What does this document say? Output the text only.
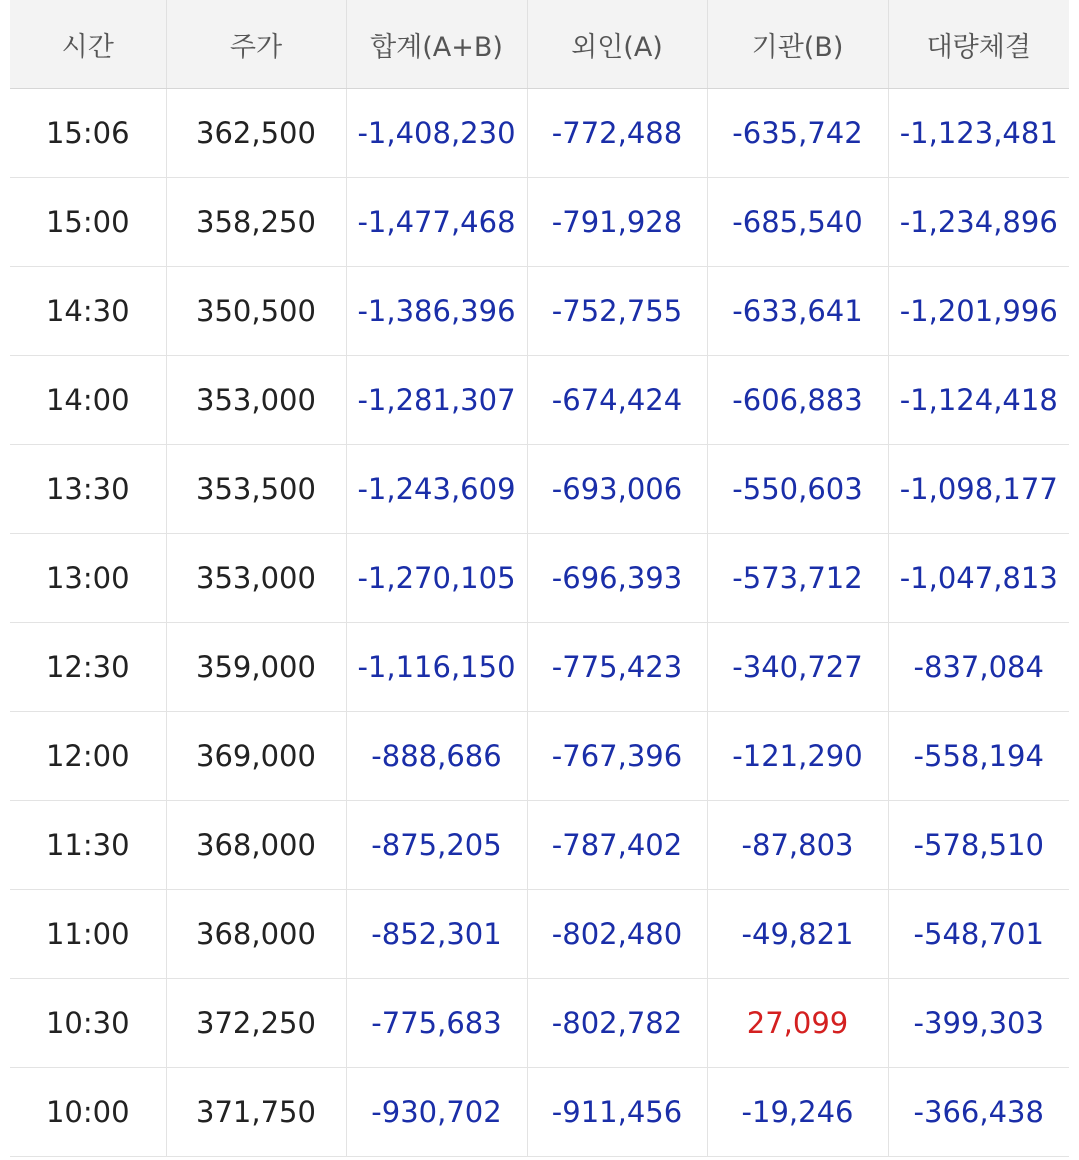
시간	주가	합계(A+B)	외인(A)	기관(B)	대량체결
15:06	362,500	-1,408,230	-772,488	-635,742	-1,123,481
15:00	358,250	-1,477,468	-791,928	-685,540	-1,234,896
14:30	350,500	-1,386,396	-752,755	-633,641	-1,201,996
14:00	353,000	-1,281,307	-674,424	-606,883	-1,124,418
13:30	353,500	-1,243,609	-693,006	-550,603	-1,098,177
13:00	353,000	-1,270,105	-696,393	-573,712	-1,047,813
12:30	359,000	-1,116,150	-775,423	-340,727	-837,084
12:00	369,000	-888,686	-767,396	-121,290	-558,194
11:30	368,000	-875,205	-787,402	-87,803	-578,510
11:00	368,000	-852,301	-802,480	-49,821	-548,701
10:30	372,250	-775,683	-802,782	27,099	-399,303
10:00	371,750	-930,702	-911,456	-19,246	-366,438
